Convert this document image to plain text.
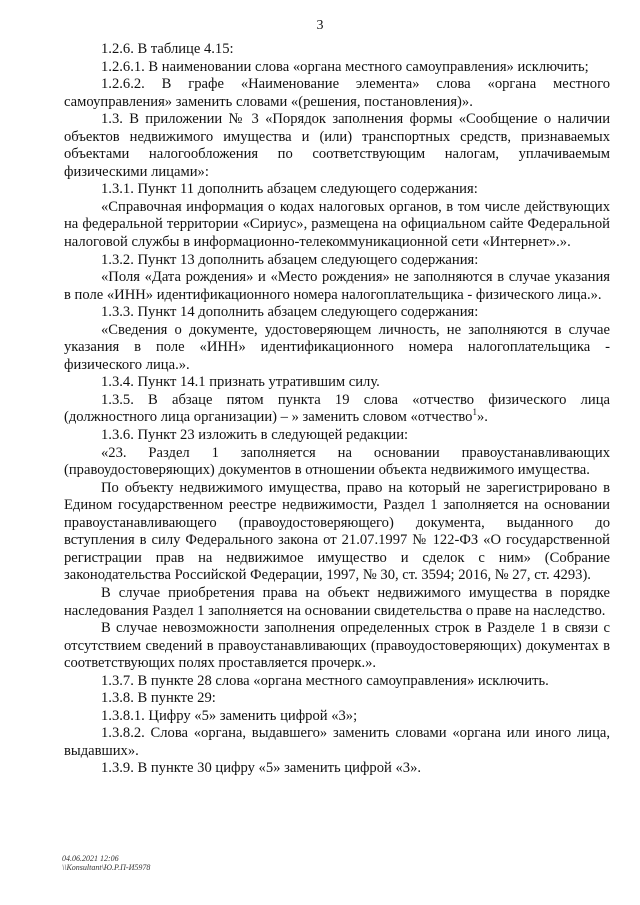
3

1.2.6. В таблице 4.15:

1.2.6.1. В наименовании слова «органа местного самоуправления» исключить;

1.2.6.2. В графе «Наименование элемента» слова «органа местного самоуправления» заменить словами «(решения, постановления)».

1.3. В приложении № 3 «Порядок заполнения формы «Сообщение о наличии объектов недвижимого имущества и (или) транспортных средств, признаваемых объектами налогообложения по соответствующим налогам, уплачиваемым физическими лицами»:

1.3.1. Пункт 11 дополнить абзацем следующего содержания:

«Справочная информация о кодах налоговых органов, в том числе действующих на федеральной территории «Сириус», размещена на официальном сайте Федеральной налоговой службы в информационно-телекоммуникационной сети «Интернет».».

1.3.2. Пункт 13 дополнить абзацем следующего содержания:

«Поля «Дата рождения» и «Место рождения» не заполняются в случае указания в поле «ИНН» идентификационного номера налогоплательщика - физического лица.».

1.3.3. Пункт 14 дополнить абзацем следующего содержания:

«Сведения о документе, удостоверяющем личность, не заполняются в случае указания в поле «ИНН» идентификационного номера налогоплательщика - физического лица.».

1.3.4. Пункт 14.1 признать утратившим силу.

1.3.5. В абзаце пятом пункта 19 слова «отчество физического лица (должностного лица организации) – » заменить словом «отчество$^1$».

1.3.6. Пункт 23 изложить в следующей редакции:

«23. Раздел 1 заполняется на основании правоустанавливающих (правоудостоверяющих) документов в отношении объекта недвижимого имущества.

По объекту недвижимого имущества, право на который не зарегистрировано в Едином государственном реестре недвижимости, Раздел 1 заполняется на основании правоустанавливающего (правоудостоверяющего) документа, выданного до вступления в силу Федерального закона от 21.07.1997 № 122-ФЗ «О государственной регистрации прав на недвижимое имущество и сделок с ним» (Собрание законодательства Российской Федерации, 1997, № 30, ст. 3594; 2016, № 27, ст. 4293).

В случае приобретения права на объект недвижимого имущества в порядке наследования Раздел 1 заполняется на основании свидетельства о праве на наследство.

В случае невозможности заполнения определенных строк в Разделе 1 в связи с отсутствием сведений в правоустанавливающих (правоудостоверяющих) документах в соответствующих полях проставляется прочерк.».

1.3.7. В пункте 28 слова «органа местного самоуправления» исключить.

1.3.8. В пункте 29:

1.3.8.1. Цифру «5» заменить цифрой «3»;

1.3.8.2. Слова «органа, выдавшего» заменить словами «органа или иного лица, выдавших».

1.3.9. В пункте 30 цифру «5» заменить цифрой «3».

04.06.2021 12:06
\\Konsultant\Ю.Р.П-И5978
